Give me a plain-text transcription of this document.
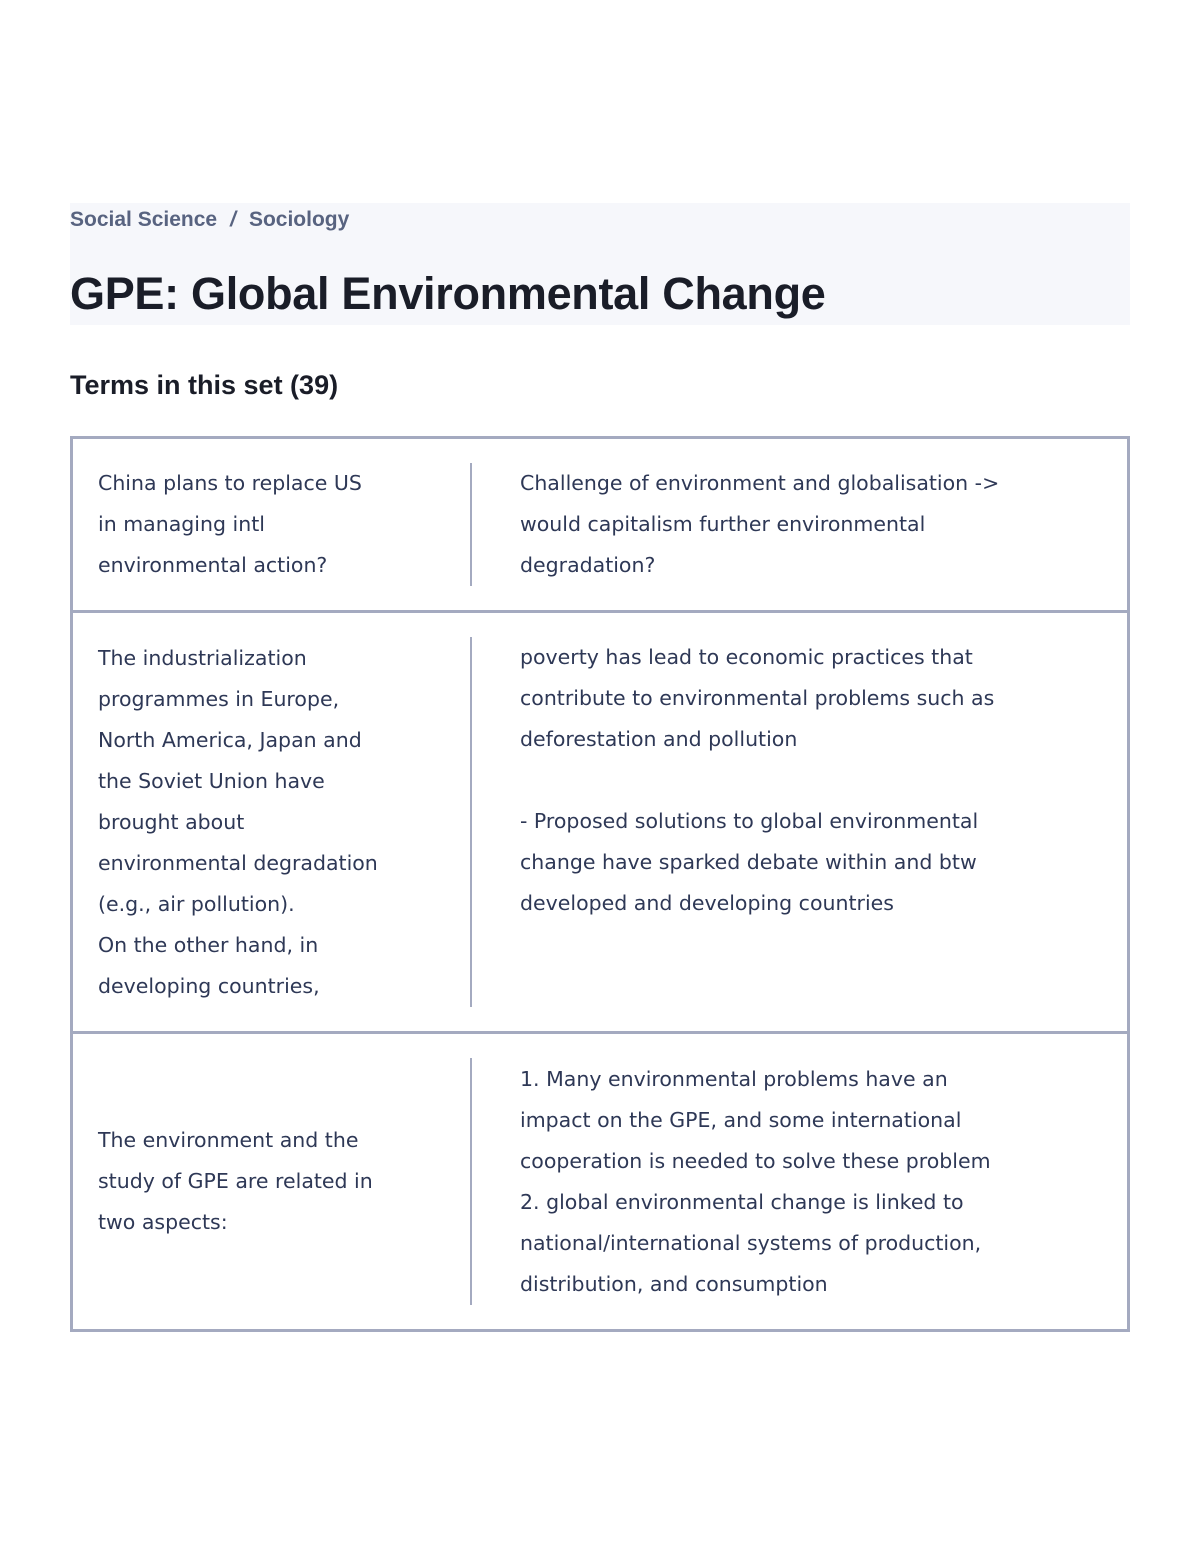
Social Science / Sociology
GPE: Global Environmental Change
Terms in this set (39)
China plans to replace US
in managing intl
environmental action?
Challenge of environment and globalisation ->
would capitalism further environmental
degradation?
The industrialization
programmes in Europe,
North America, Japan and
the Soviet Union have
brought about
environmental degradation
(e.g., air pollution).
On the other hand, in
developing countries,
poverty has lead to economic practices that
contribute to environmental problems such as
deforestation and pollution

- Proposed solutions to global environmental
change have sparked debate within and btw
developed and developing countries
The environment and the
study of GPE are related in
two aspects:
1. Many environmental problems have an
impact on the GPE, and some international
cooperation is needed to solve these problem
2. global environmental change is linked to
national/international systems of production,
distribution, and consumption
